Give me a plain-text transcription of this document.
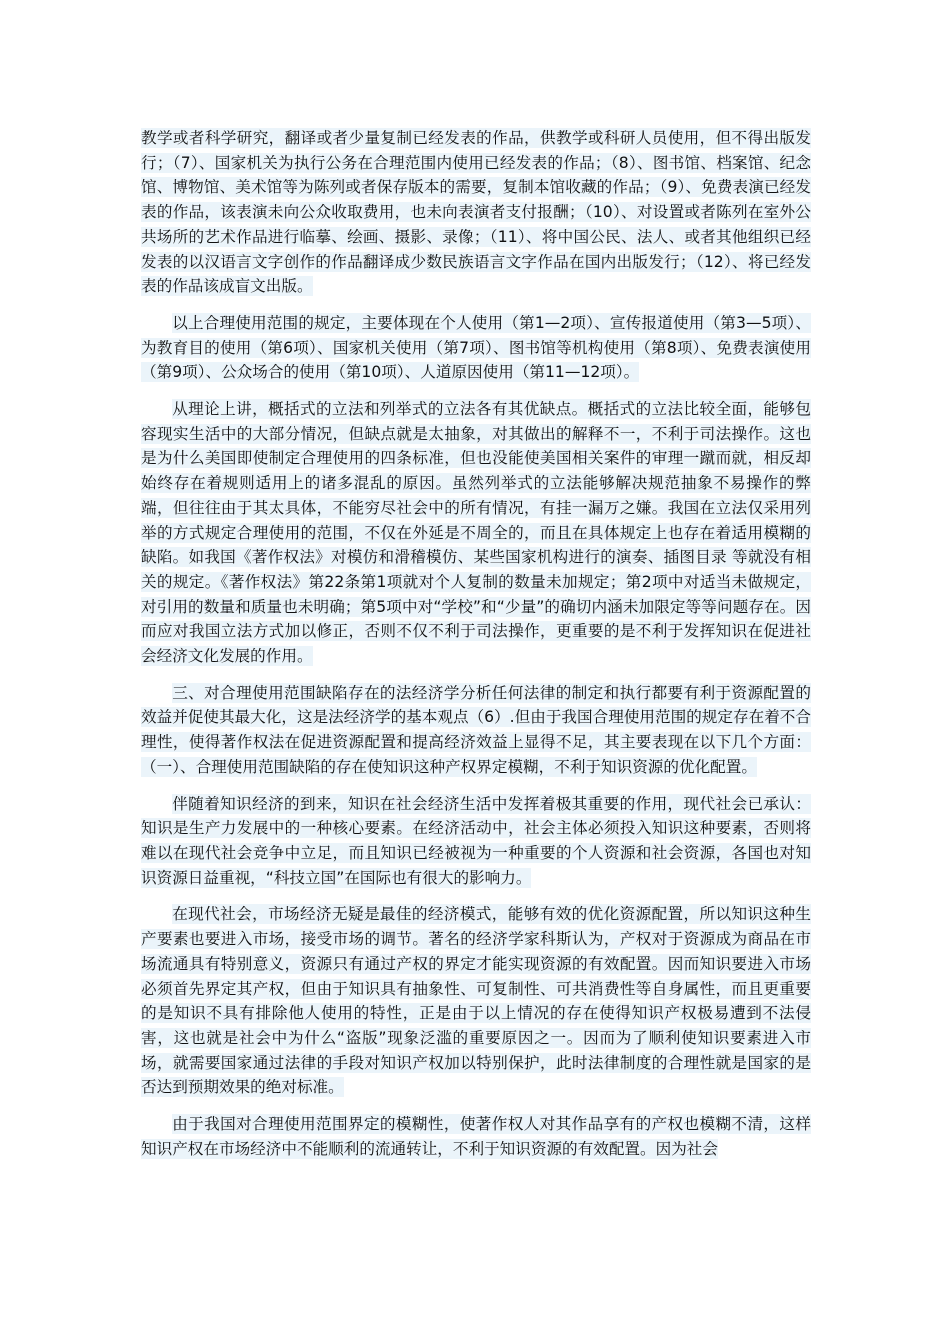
教学或者科学研究，翻译或者少量复制已经发表的作品，供教学或科研人员使用，但不得出版发行；（7）、国家机关为执行公务在合理范围内使用已经发表的作品；（8）、图书馆、档案馆、纪念馆、博物馆、美术馆等为陈列或者保存版本的需要，复制本馆收藏的作品；（9）、免费表演已经发表的作品，该表演未向公众收取费用，也未向表演者支付报酬；（10）、对设置或者陈列在室外公共场所的艺术作品进行临摹、绘画、摄影、录像；（11）、将中国公民、法人、或者其他组织已经发表的以汉语言文字创作的作品翻译成少数民族语言文字作品在国内出版发行；（12）、将已经发表的作品该成盲文出版。

以上合理使用范围的规定，主要体现在个人使用（第1—2项）、宣传报道使用（第3—5项）、为教育目的使用（第6项）、国家机关使用（第7项）、图书馆等机构使用（第8项）、免费表演使用（第9项）、公众场合的使用（第10项）、人道原因使用（第11—12项）。

从理论上讲，概括式的立法和列举式的立法各有其优缺点。概括式的立法比较全面，能够包容现实生活中的大部分情况，但缺点就是太抽象，对其做出的解释不一，不利于司法操作。这也是为什么美国即使制定合理使用的四条标准，但也没能使美国相关案件的审理一蹴而就，相反却始终存在着规则适用上的诸多混乱的原因。虽然列举式的立法能够解决规范抽象不易操作的弊端，但往往由于其太具体，不能穷尽社会中的所有情况，有挂一漏万之嫌。我国在立法仅采用列举的方式规定合理使用的范围，不仅在外延是不周全的，而且在具体规定上也存在着适用模糊的缺陷。如我国《著作权法》对模仿和滑稽模仿、某些国家机构进行的演奏、插图目录 等就没有相关的规定。《著作权法》第22条第1项就对个人复制的数量未加规定；第2项中对适当未做规定，对引用的数量和质量也未明确；第5项中对“学校”和“少量”的确切内涵未加限定等等问题存在。因而应对我国立法方式加以修正，否则不仅不利于司法操作，更重要的是不利于发挥知识在促进社会经济文化发展的作用。

三、对合理使用范围缺陷存在的法经济学分析任何法律的制定和执行都要有利于资源配置的效益并促使其最大化，这是法经济学的基本观点（6）.但由于我国合理使用范围的规定存在着不合理性，使得著作权法在促进资源配置和提高经济效益上显得不足，其主要表现在以下几个方面：（一）、合理使用范围缺陷的存在使知识这种产权界定模糊，不利于知识资源的优化配置。

伴随着知识经济的到来，知识在社会经济生活中发挥着极其重要的作用，现代社会已承认：知识是生产力发展中的一种核心要素。在经济活动中，社会主体必须投入知识这种要素，否则将难以在现代社会竞争中立足，而且知识已经被视为一种重要的个人资源和社会资源，各国也对知识资源日益重视，“科技立国”在国际也有很大的影响力。

在现代社会，市场经济无疑是最佳的经济模式，能够有效的优化资源配置，所以知识这种生产要素也要进入市场，接受市场的调节。著名的经济学家科斯认为，产权对于资源成为商品在市场流通具有特别意义，资源只有通过产权的界定才能实现资源的有效配置。因而知识要进入市场必须首先界定其产权，但由于知识具有抽象性、可复制性、可共消费性等自身属性，而且更重要的是知识不具有排除他人使用的特性，正是由于以上情况的存在使得知识产权极易遭到不法侵害，这也就是社会中为什么“盗版”现象泛滥的重要原因之一。因而为了顺利使知识要素进入市场，就需要国家通过法律的手段对知识产权加以特别保护，此时法律制度的合理性就是国家的是否达到预期效果的绝对标准。

由于我国对合理使用范围界定的模糊性，使著作权人对其作品享有的产权也模糊不清，这样知识产权在市场经济中不能顺利的流通转让，不利于知识资源的有效配置。因为社会
